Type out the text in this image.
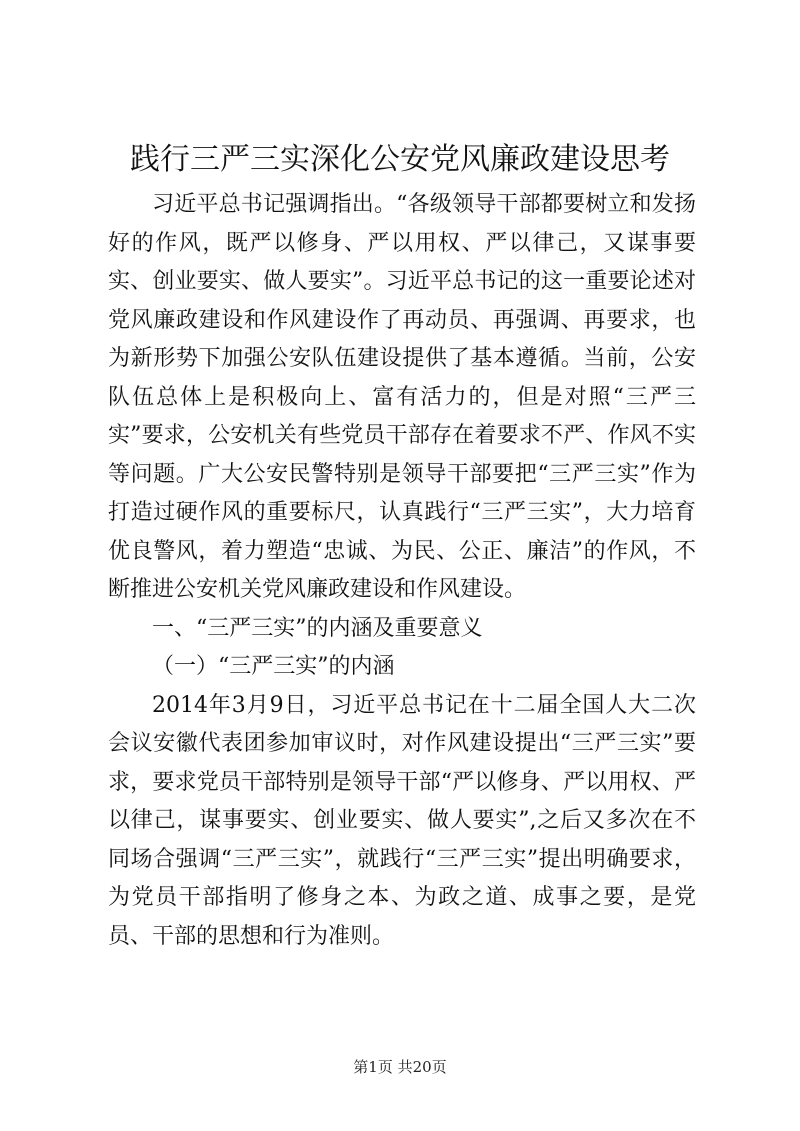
践行三严三实深化公安党风廉政建设思考

习近平总书记强调指出。“各级领导干部都要树立和发扬好的作风，既严以修身、严以用权、严以律己，又谋事要实、创业要实、做人要实”。习近平总书记的这一重要论述对党风廉政建设和作风建设作了再动员、再强调、再要求，也为新形势下加强公安队伍建设提供了基本遵循。当前，公安队伍总体上是积极向上、富有活力的，但是对照“三严三实”要求，公安机关有些党员干部存在着要求不严、作风不实等问题。广大公安民警特别是领导干部要把“三严三实”作为打造过硬作风的重要标尺，认真践行“三严三实”，大力培育优良警风，着力塑造“忠诚、为民、公正、廉洁”的作风，不断推进公安机关党风廉政建设和作风建设。

一、“三严三实”的内涵及重要意义

（一）“三严三实”的内涵

2014年3月9日，习近平总书记在十二届全国人大二次会议安徽代表团参加审议时，对作风建设提出“三严三实”要求，要求党员干部特别是领导干部“严以修身、严以用权、严以律己，谋事要实、创业要实、做人要实”,之后又多次在不同场合强调“三严三实”，就践行“三严三实”提出明确要求，为党员干部指明了修身之本、为政之道、成事之要，是党员、干部的思想和行为准则。

第1页 共20页
